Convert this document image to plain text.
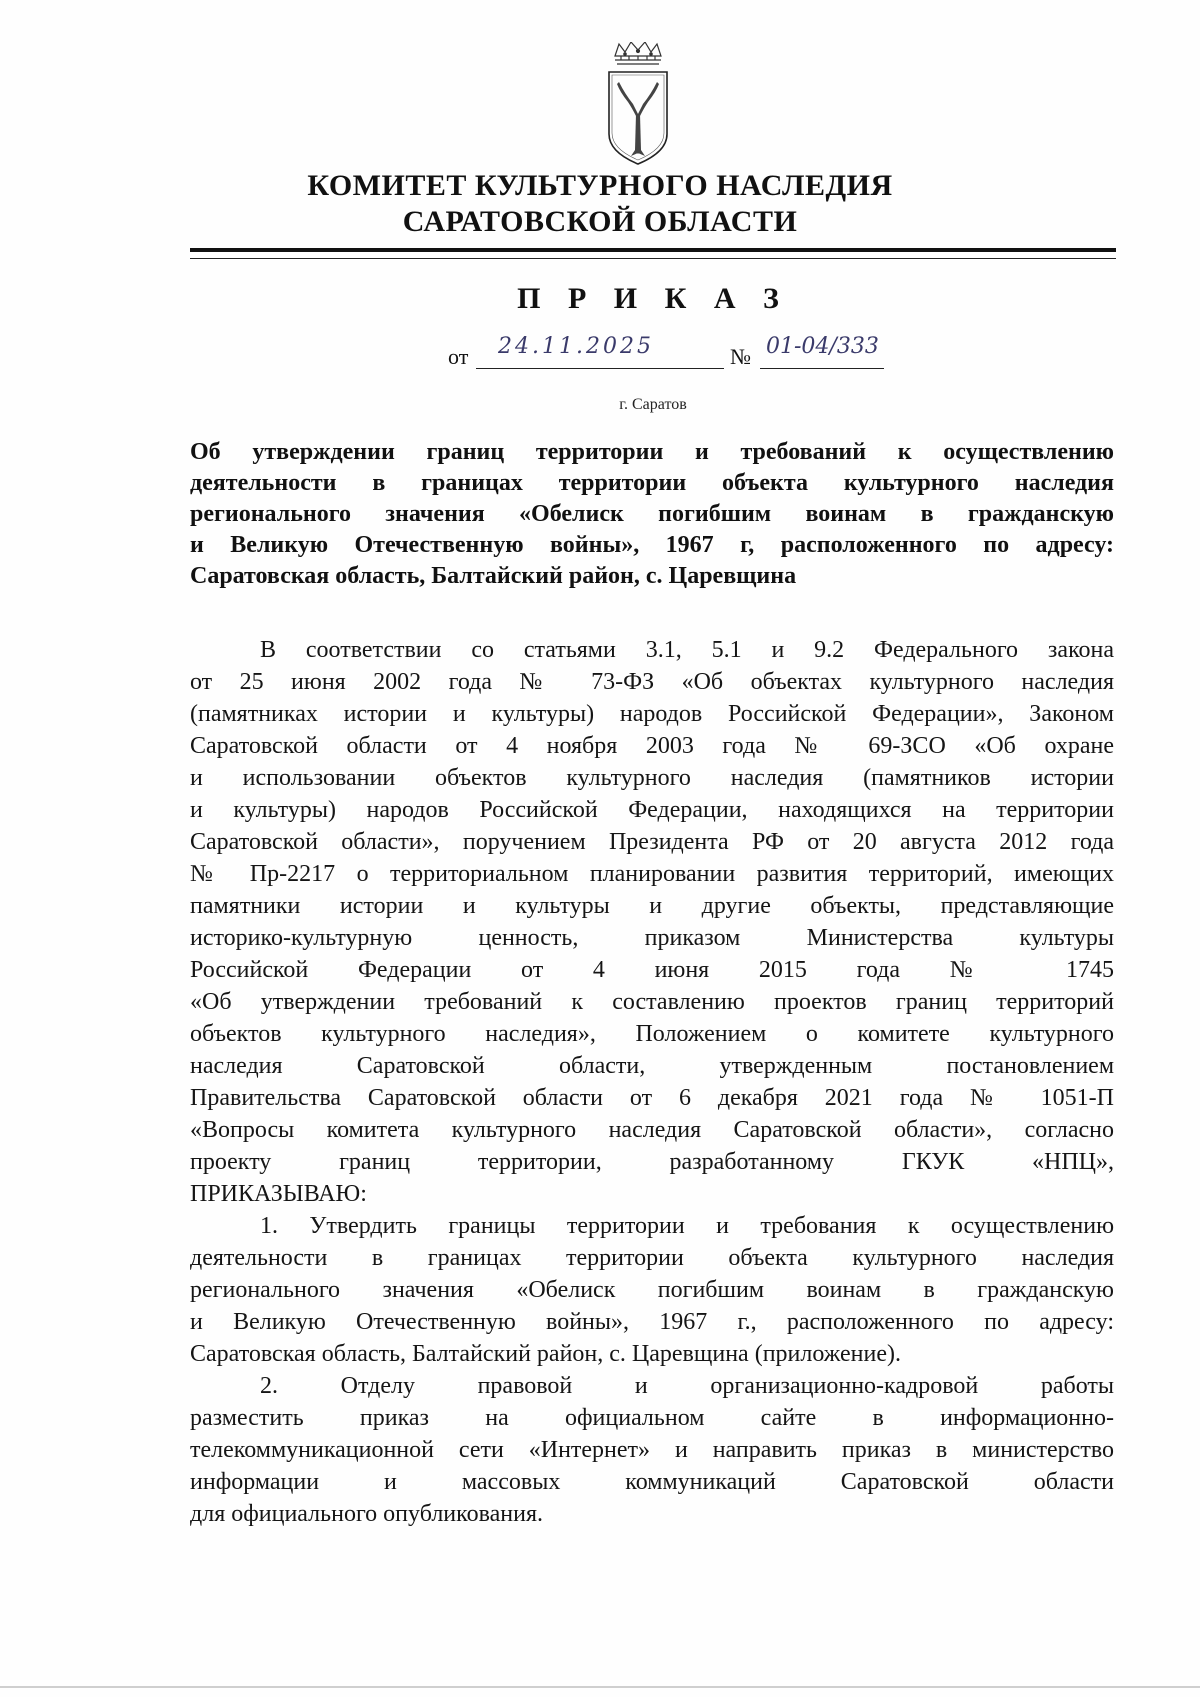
КОМИТЕТ КУЛЬТУРНОГО НАСЛЕДИЯ
САРАТОВСКОЙ ОБЛАСТИ
П Р И К А З
от 24.11.2025	№ 01-04/333
г. Саратов
Об утверждении границ территории и требований к осуществлению
деятельности в границах территории объекта культурного наследия
регионального значения «Обелиск погибшим воинам в гражданскую
и Великую Отечественную войны», 1967 г, расположенного по адресу:
Саратовская область, Балтайский район, с. Царевщина
В соответствии со статьями 3.1, 5.1 и 9.2 Федерального закона
от 25 июня 2002 года № 73-ФЗ «Об объектах культурного наследия
(памятниках истории и культуры) народов Российской Федерации», Законом
Саратовской области от 4 ноября 2003 года № 69-ЗСО «Об охране
и использовании объектов культурного наследия (памятников истории
и культуры) народов Российской Федерации, находящихся на территории
Саратовской области», поручением Президента РФ от 20 августа 2012 года
№ Пр-2217 о территориальном планировании развития территорий, имеющих
памятники истории и культуры и другие объекты, представляющие
историко-культурную ценность, приказом Министерства культуры
Российской Федерации от 4 июня 2015 года № 1745
«Об утверждении требований к составлению проектов границ территорий
объектов культурного наследия», Положением о комитете культурного
наследия Саратовской области, утвержденным постановлением
Правительства Саратовской области от 6 декабря 2021 года № 1051-П
«Вопросы комитета культурного наследия Саратовской области», согласно
проекту границ территории, разработанному ГКУК «НПЦ»,
ПРИКАЗЫВАЮ:
1. Утвердить границы территории и требования к осуществлению
деятельности в границах территории объекта культурного наследия
регионального значения «Обелиск погибшим воинам в гражданскую
и Великую Отечественную войны», 1967 г., расположенного по адресу:
Саратовская область, Балтайский район, с. Царевщина (приложение).
2. Отделу правовой и организационно-кадровой работы
разместить приказ на официальном сайте в информационно-
телекоммуникационной сети «Интернет» и направить приказ в министерство
информации и массовых коммуникаций Саратовской области
для официального опубликования.
